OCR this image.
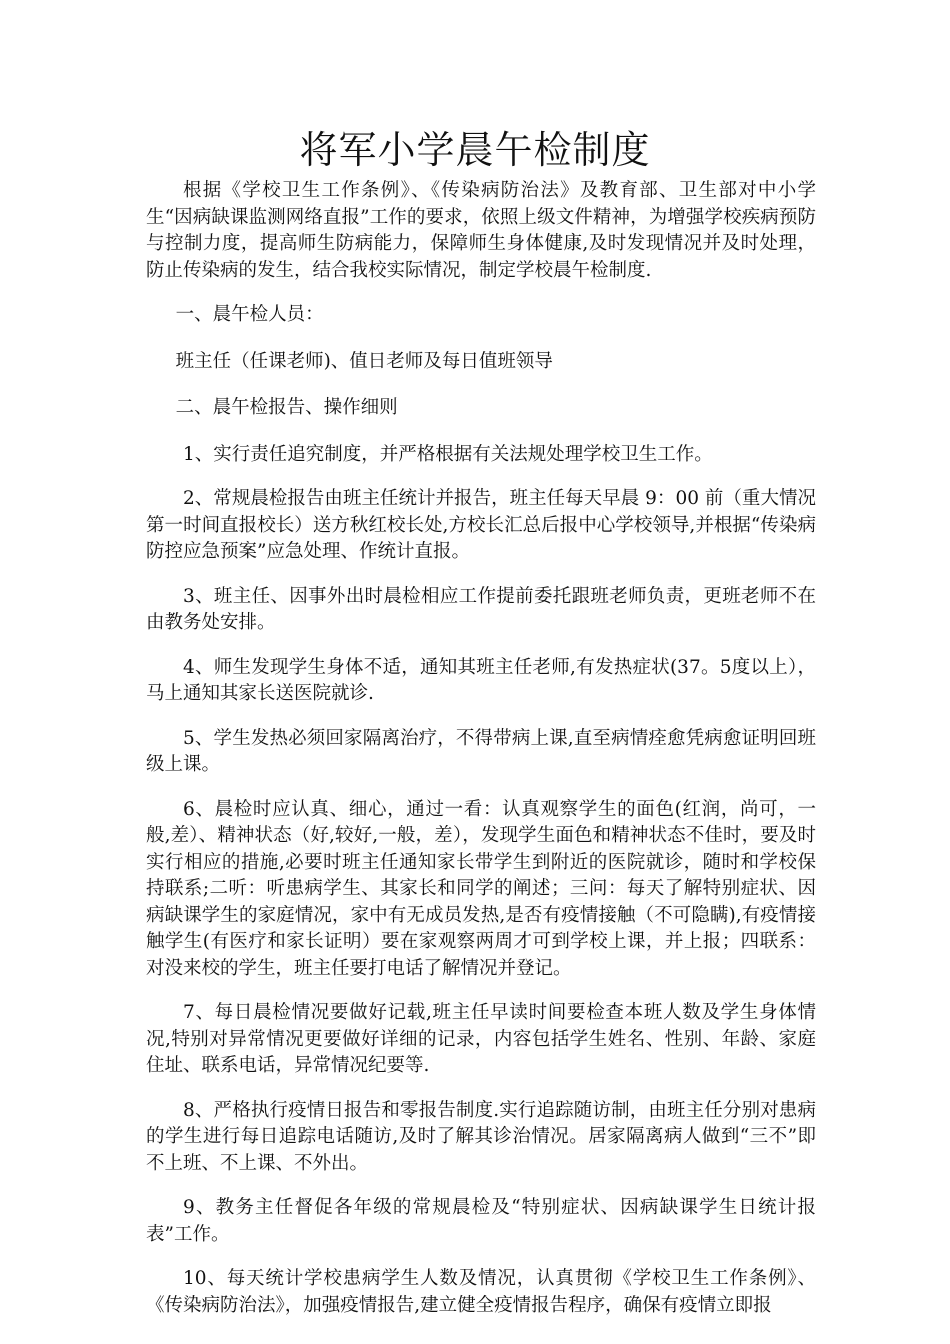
将军小学晨午检制度

根据《学校卫生工作条例》、《传染病防治法》及教育部、卫生部对中小学生“因病缺课监测网络直报”工作的要求，依照上级文件精神，为增强学校疾病预防与控制力度，提高师生防病能力，保障师生身体健康,及时发现情况并及时处理，防止传染病的发生，结合我校实际情况，制定学校晨午检制度.

一、晨午检人员：

班主任（任课老师)、值日老师及每日值班领导

二、晨午检报告、操作细则

1、实行责任追究制度，并严格根据有关法规处理学校卫生工作。

2、常规晨检报告由班主任统计并报告，班主任每天早晨 9：00 前（重大情况第一时间直报校长）送方秋红校长处,方校长汇总后报中心学校领导,并根据“传染病防控应急预案”应急处理、作统计直报。

3、班主任、因事外出时晨检相应工作提前委托跟班老师负责，更班老师不在由教务处安排。

4、师生发现学生身体不适，通知其班主任老师,有发热症状(37。5度以上），马上通知其家长送医院就诊.

5、学生发热必须回家隔离治疗，不得带病上课,直至病情痊愈凭病愈证明回班级上课。

6、晨检时应认真、细心，通过一看：认真观察学生的面色(红润，尚可，一般,差）、精神状态（好,较好,一般，差），发现学生面色和精神状态不佳时，要及时实行相应的措施,必要时班主任通知家长带学生到附近的医院就诊，随时和学校保持联系;二听：听患病学生、其家长和同学的阐述；三问：每天了解特别症状、因病缺课学生的家庭情况，家中有无成员发热,是否有疫情接触（不可隐瞒),有疫情接触学生(有医疗和家长证明）要在家观察两周才可到学校上课，并上报；四联系：对没来校的学生，班主任要打电话了解情况并登记。

7、每日晨检情况要做好记载,班主任早读时间要检查本班人数及学生身体情况,特别对异常情况更要做好详细的记录，内容包括学生姓名、性别、年龄、家庭住址、联系电话，异常情况纪要等.

8、严格执行疫情日报告和零报告制度.实行追踪随访制，由班主任分别对患病的学生进行每日追踪电话随访,及时了解其诊治情况。居家隔离病人做到“三不”即不上班、不上课、不外出。

9、教务主任督促各年级的常规晨检及“特别症状、因病缺课学生日统计报表”工作。

10、每天统计学校患病学生人数及情况，认真贯彻《学校卫生工作条例》、《传染病防治法》，加强疫情报告,建立健全疫情报告程序，确保有疫情立即报
